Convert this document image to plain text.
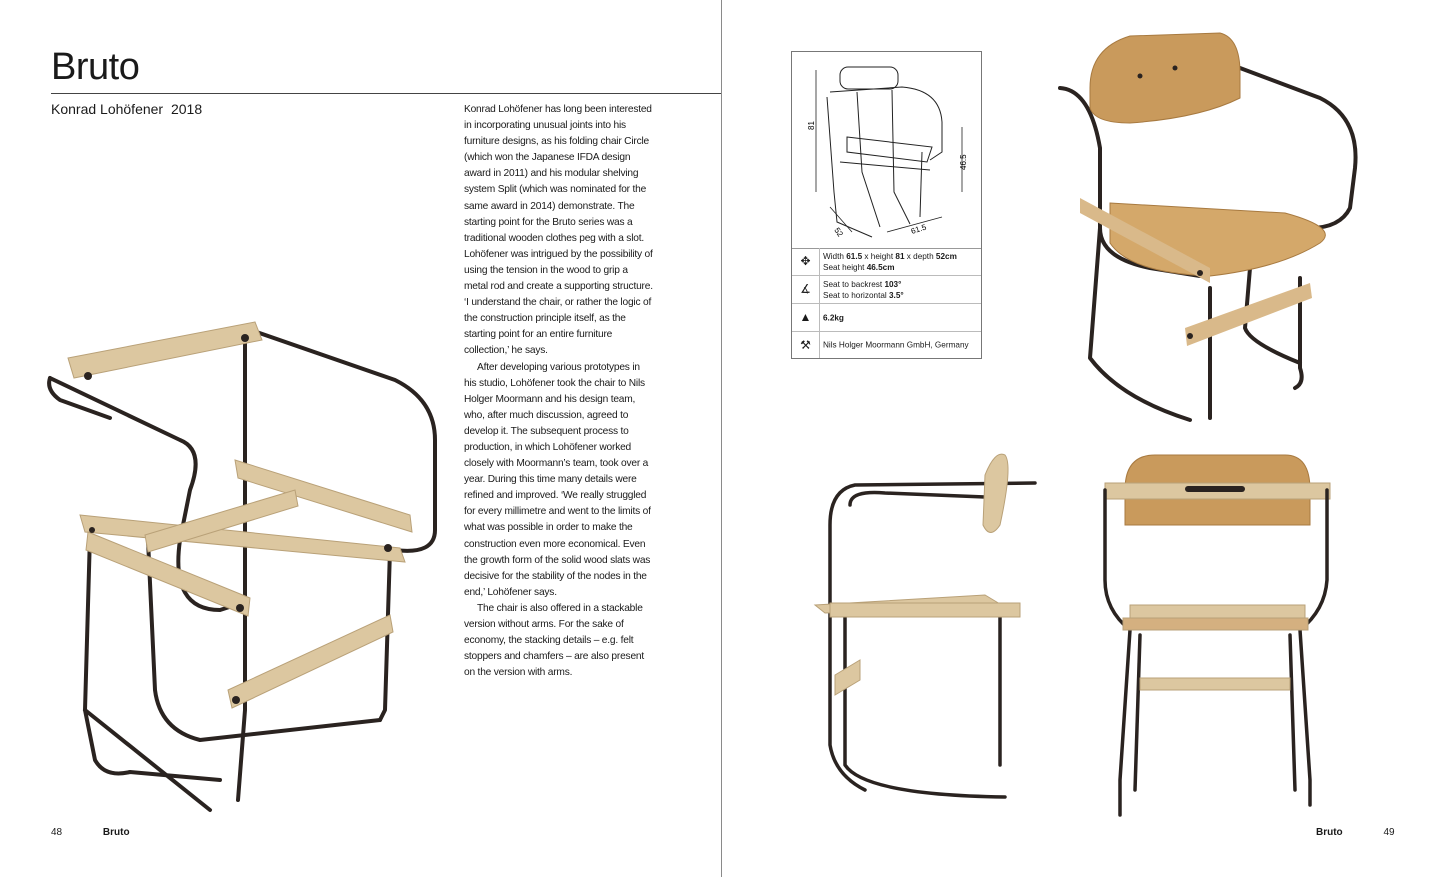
Bruto
Konrad Lohöfener 2018	Konrad Lohöfener has long been interested in incorporating unusual joints into his furniture designs, as his folding chair Circle (which won the Japanese IFDA design award in 2011) and his modular shelving system Split (which was nominated for the same award in 2014) demonstrate. The starting point for the Bruto series was a traditional wooden clothes peg with a slot. Lohöfener was intrigued by the possibility of using the tension in the wood to grip a metal rod and create a supporting structure. ‘I understand the chair, or rather the logic of the construction principle itself, as the starting point for an entire furniture collection,’ he says.

After developing various prototypes in his studio, Lohöfener took the chair to Nils Holger Moormann and his design team, who, after much discussion, agreed to develop it. The subsequent process to production, in which Lohöfener worked closely with Moormann’s team, took over a year. During this time many details were refined and improved. ‘We really struggled for every millimetre and went to the limits of what was possible in order to make the construction even more economical. Even the growth form of the solid wood slats was decisive for the stability of the nodes in the end,’ Lohöfener says.

The chair is also offered in a stackable version without arms. For the sake of economy, the stacking details – e.g. felt stoppers and chamfers – are also present on the version with arms.

48	Bruto
81
46.5
52	61.5
✥	Width 61.5 x height 81 x depth 52cm
Seat height 46.5cm
∡	Seat to backrest 103°
Seat to horizontal 3.5°
▲	6.2kg
⚒	Nils Holger Moormann GmbH, Germany
Bruto	49
